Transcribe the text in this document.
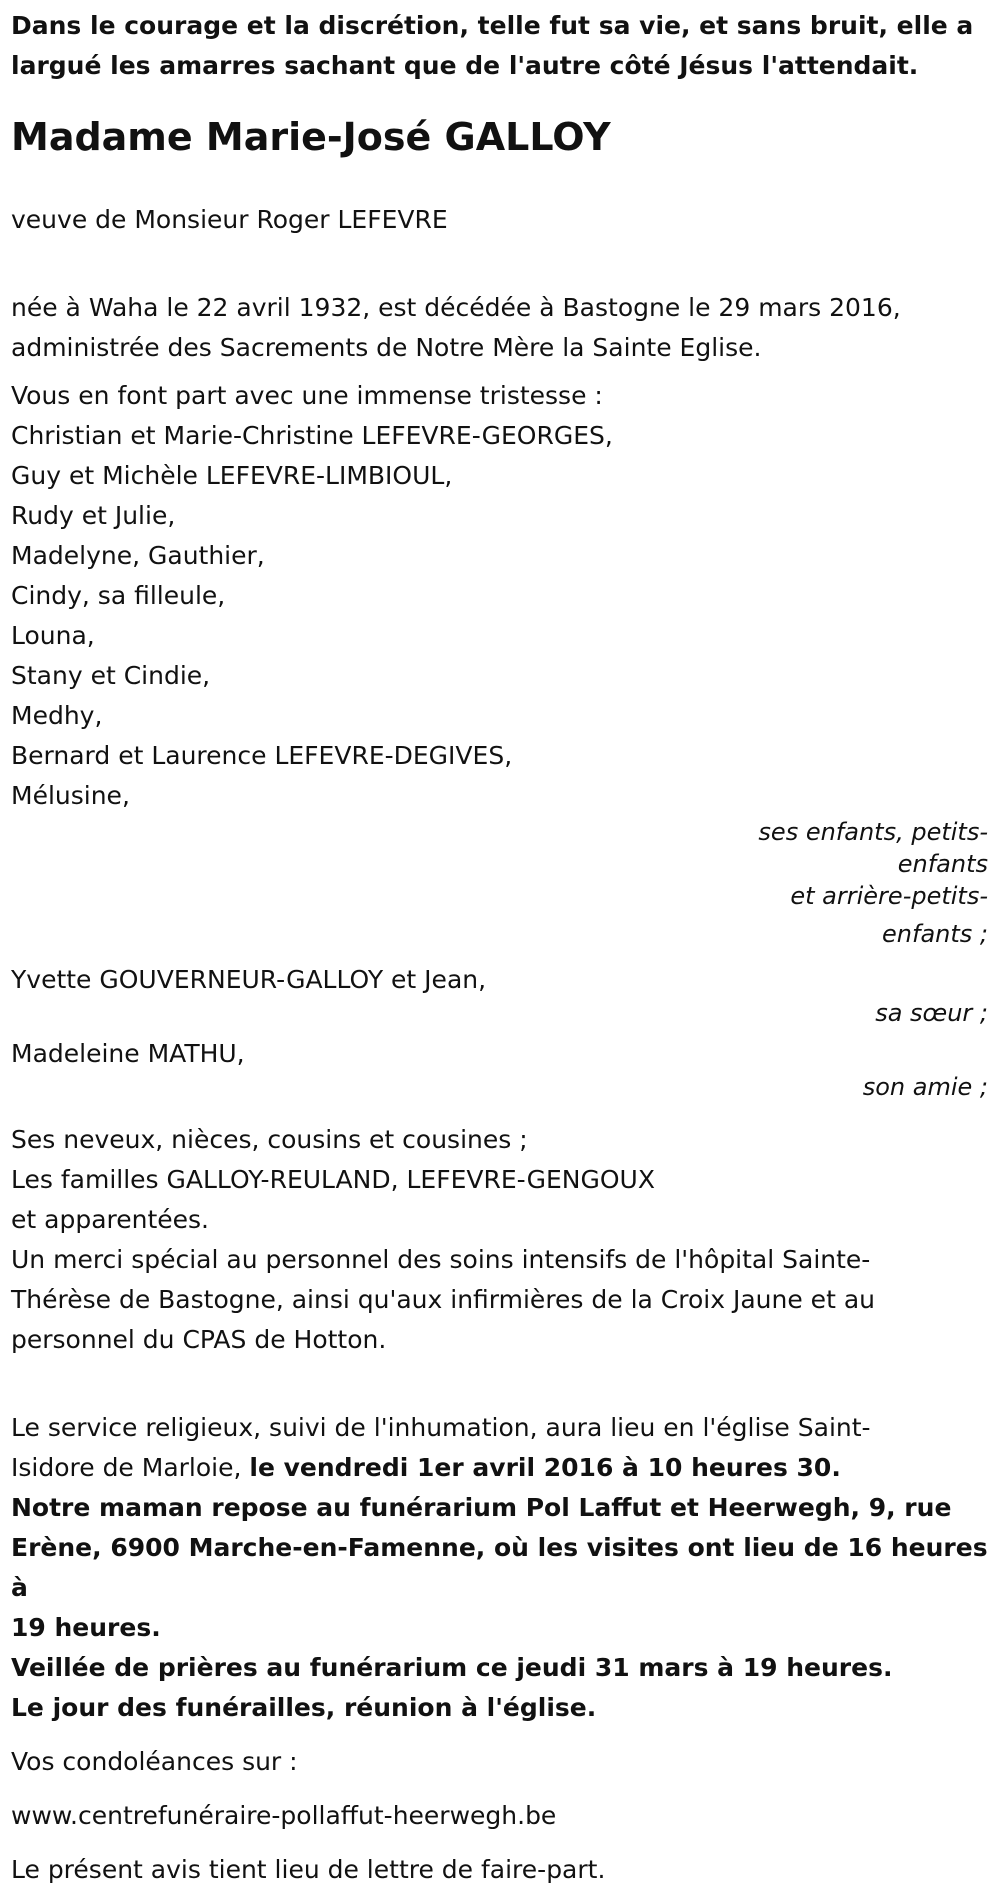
Dans le courage et la discrétion, telle fut sa vie, et sans bruit, elle a
largué les amarres sachant que de l'autre côté Jésus l'attendait.

Madame Marie-José GALLOY

veuve de Monsieur Roger LEFEVRE

née à Waha le 22 avril 1932, est décédée à Bastogne le 29 mars 2016,
administrée des Sacrements de Notre Mère la Sainte Eglise.

Vous en font part avec une immense tristesse :

Christian et Marie-Christine LEFEVRE-GEORGES,

Guy et Michèle LEFEVRE-LIMBIOUL,

Rudy et Julie,

Madelyne, Gauthier,

Cindy, sa filleule,

Louna,

Stany et Cindie,

Medhy,

Bernard et Laurence LEFEVRE-DEGIVES,

Mélusine,

ses enfants, petits-

enfants

et arrière-petits-

enfants ;

Yvette GOUVERNEUR-GALLOY et Jean,

sa sœur ;

Madeleine MATHU,

son amie ;

Ses neveux, nièces, cousins et cousines ;

Les familles GALLOY-REULAND, LEFEVRE-GENGOUX

et apparentées.

Un merci spécial au personnel des soins intensifs de l'hôpital Sainte-
Thérèse de Bastogne, ainsi qu'aux infirmières de la Croix Jaune et au
personnel du CPAS de Hotton.

Le service religieux, suivi de l'inhumation, aura lieu en l'église Saint-
Isidore de Marloie, le vendredi 1er avril 2016 à 10 heures 30.

Notre maman repose au funérarium Pol Laffut et Heerwegh, 9, rue
Erène, 6900 Marche-en-Famenne, où les visites ont lieu de 16 heures à
19 heures.

Veillée de prières au funérarium ce jeudi 31 mars à 19 heures.

Le jour des funérailles, réunion à l'église.

Vos condoléances sur :

www.centrefunéraire-pollaffut-heerwegh.be

Le présent avis tient lieu de lettre de faire-part.
